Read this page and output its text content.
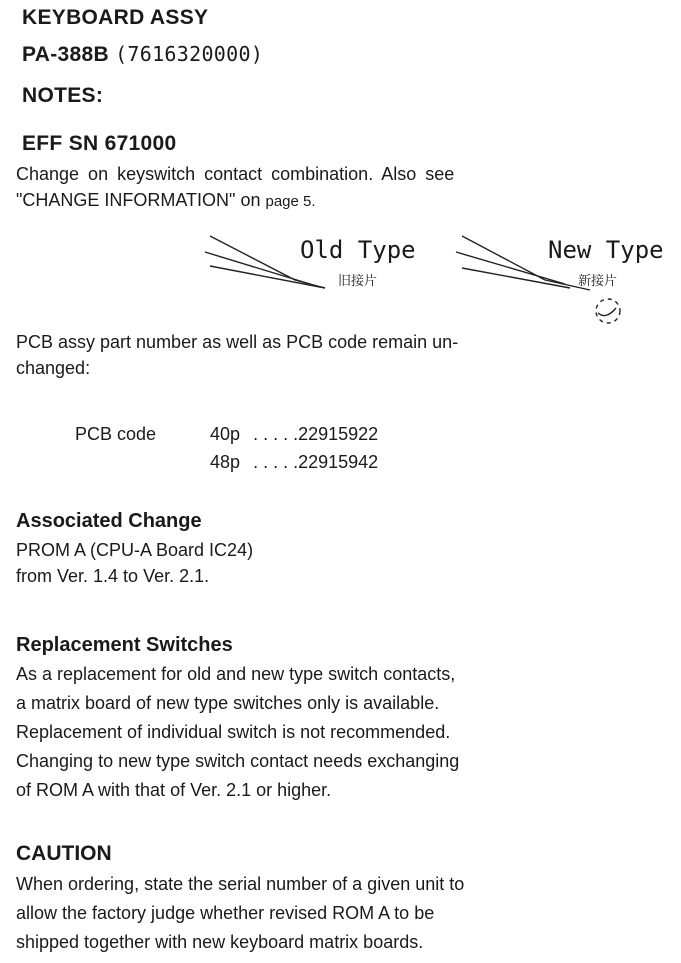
KEYBOARD ASSY
PA-388B (7616320000)
NOTES:
EFF SN 671000
Change on keyswitch contact combination. Also see
"CHANGE INFORMATION" on page 5.
Old Type
旧接片
New Type
新接片
PCB assy part number as well as PCB code remain un-
changed:
PCB code	40p . . . . .22915922
48p . . . . .22915942
Associated Change
PROM A (CPU-A Board IC24)
from Ver. 1.4 to Ver. 2.1.
Replacement Switches
As a replacement for old and new type switch contacts,
a matrix board of new type switches only is available.
Replacement of individual switch is not recommended.
Changing to new type switch contact needs exchanging
of ROM A with that of Ver. 2.1 or higher.
CAUTION
When ordering, state the serial number of a given unit to
allow the factory judge whether revised ROM A to be
shipped together with new keyboard matrix boards.
